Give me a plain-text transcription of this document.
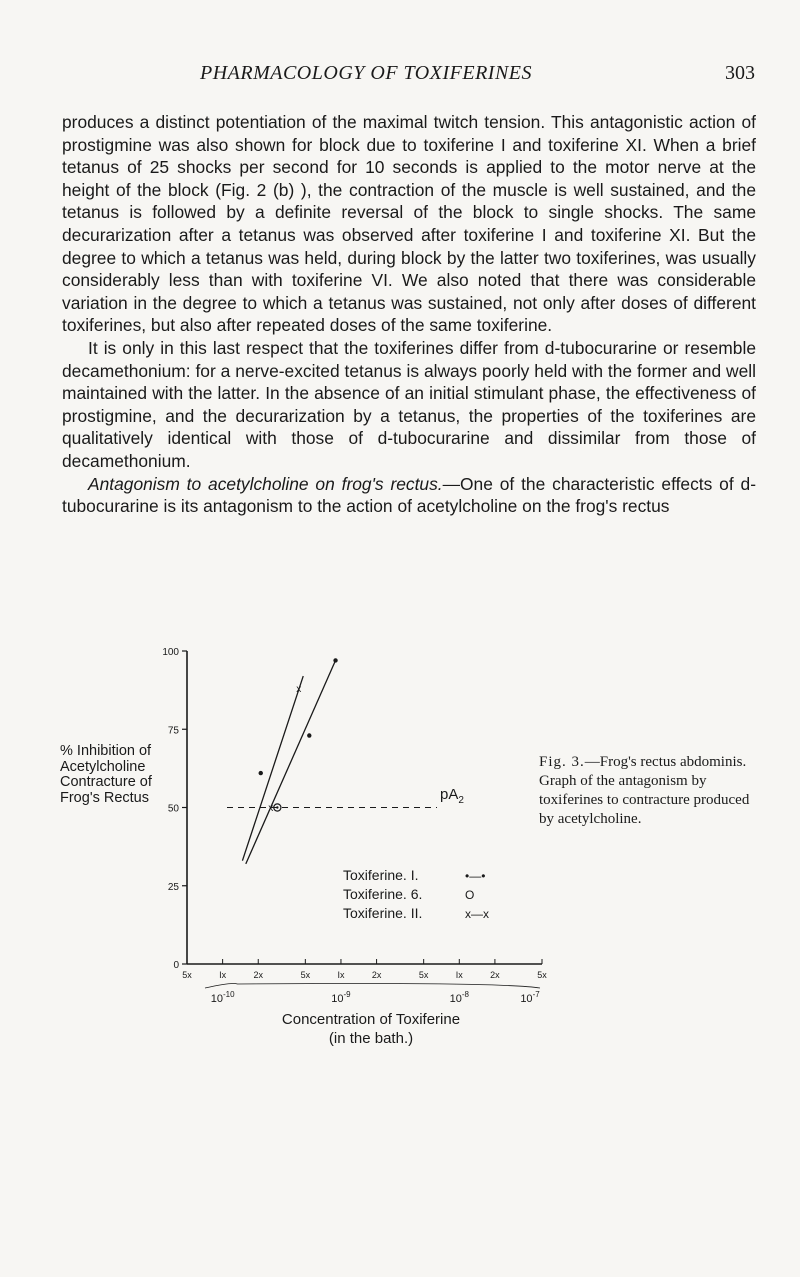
PHARMACOLOGY OF TOXIFERINES	303

produces a distinct potentiation of the maximal twitch tension. This antagonistic action of prostigmine was also shown for block due to toxiferine I and toxiferine XI. When a brief tetanus of 25 shocks per second for 10 seconds is applied to the motor nerve at the height of the block (Fig. 2 (b) ), the contraction of the muscle is well sustained, and the tetanus is followed by a definite reversal of the block to single shocks. The same decurarization after a tetanus was observed after toxiferine I and toxiferine XI. But the degree to which a tetanus was held, during block by the latter two toxiferines, was usually considerably less than with toxiferine VI. We also noted that there was considerable variation in the degree to which a tetanus was sustained, not only after doses of different toxiferines, but also after repeated doses of the same toxiferine.

It is only in this last respect that the toxiferines differ from d-tubocurarine or resemble decamethonium: for a nerve-excited tetanus is always poorly held with the former and well maintained with the latter. In the absence of an initial stimulant phase, the effectiveness of prostigmine, and the decurarization by a tetanus, the properties of the toxiferines are qualitatively identical with those of d-tubocurarine and dissimilar from those of decamethonium.

Antagonism to acetylcholine on frog's rectus.—One of the characteristic effects of d-tubocurarine is its antagonism to the action of acetylcholine on the frog's rectus

% Inhibition of
Acetylcholine
Contracture of
Frog's Rectus
0
25
50
75
100
5x	Ix	2x	5x	Ix	2x	5x	Ix	2x	5x
$10^{-10}$	$10^{-9}$	$10^{-8}$	$10^{-7}$
x
x
Toxiferine. I.	•—•
Toxiferine. 6.	O
Toxiferine. II.	x—x
$pA_2$
Concentration of Toxiferine
(in the bath.)
Fig. 3.—Frog's rectus abdominis. Graph of the antagonism by toxiferines to contracture produced by acetylcholine.
